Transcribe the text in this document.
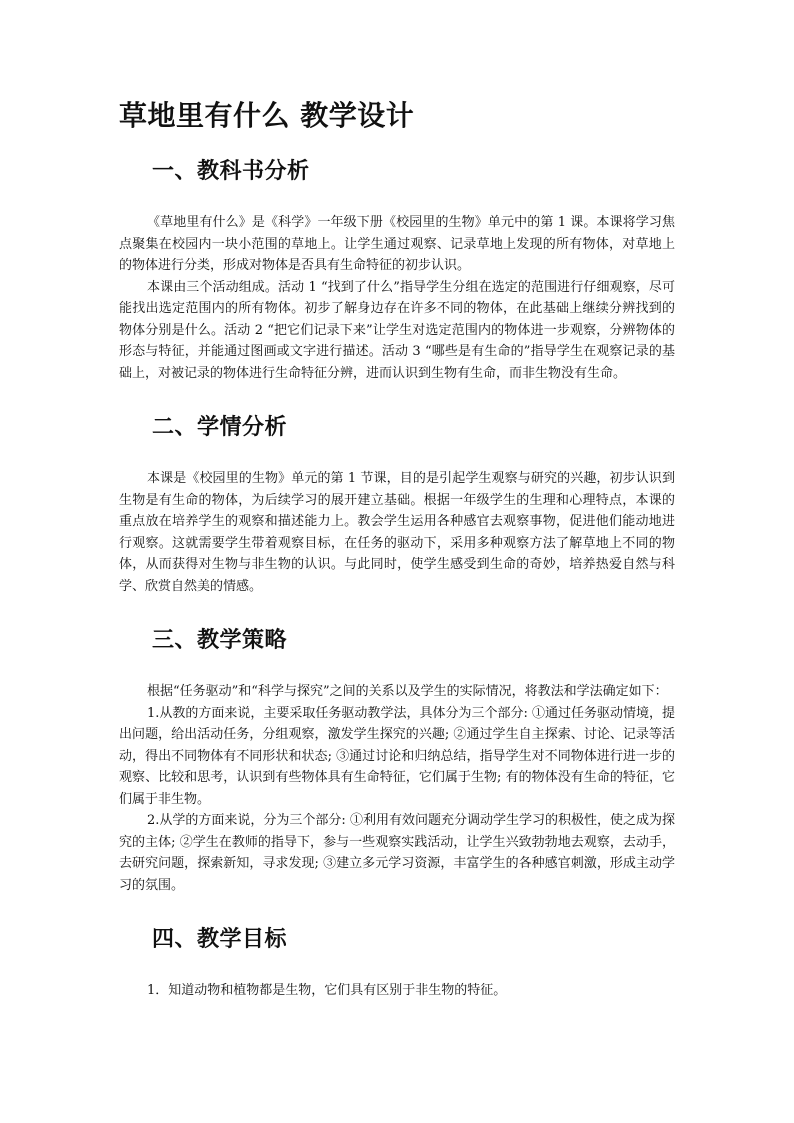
草地里有什么 教学设计
一、教科书分析

《草地里有什么》是《科学》一年级下册《校园里的生物》单元中的第 1 课。本课将学习焦点聚集在校园内一块小范围的草地上。让学生通过观察、记录草地上发现的所有物体，对草地上的物体进行分类，形成对物体是否具有生命特征的初步认识。

本课由三个活动组成。活动 1 “找到了什么”指导学生分组在选定的范围进行仔细观察，尽可能找出选定范围内的所有物体。初步了解身边存在许多不同的物体，在此基础上继续分辨找到的物体分别是什么。活动 2 “把它们记录下来”让学生对选定范围内的物体进一步观察，分辨物体的形态与特征，并能通过图画或文字进行描述。活动 3 “哪些是有生命的”指导学生在观察记录的基础上，对被记录的物体进行生命特征分辨，进而认识到生物有生命，而非生物没有生命。

二、学情分析

本课是《校园里的生物》单元的第 1 节课，目的是引起学生观察与研究的兴趣，初步认识到生物是有生命的物体，为后续学习的展开建立基础。根据一年级学生的生理和心理特点，本课的重点放在培养学生的观察和描述能力上。教会学生运用各种感官去观察事物，促进他们能动地进行观察。这就需要学生带着观察目标，在任务的驱动下，采用多种观察方法了解草地上不同的物体，从而获得对生物与非生物的认识。与此同时，使学生感受到生命的奇妙，培养热爱自然与科学、欣赏自然美的情感。

三、教学策略

根据“任务驱动”和“科学与探究”之间的关系以及学生的实际情况，将教法和学法确定如下：

1.从教的方面来说，主要采取任务驱动教学法，具体分为三个部分: ①通过任务驱动情境，提出问题，给出活动任务，分组观察，激发学生探究的兴趣; ②通过学生自主探索、讨论、记录等活动，得出不同物体有不同形状和状态; ③通过讨论和归纳总结，指导学生对不同物体进行进一步的观察、比较和思考，认识到有些物体具有生命特征，它们属于生物; 有的物体没有生命的特征，它们属于非生物。

2.从学的方面来说，分为三个部分: ①利用有效问题充分调动学生学习的积极性，使之成为探究的主体; ②学生在教师的指导下，参与一些观察实践活动，让学生兴致勃勃地去观察，去动手，去研究问题，探索新知，寻求发现; ③建立多元学习资源，丰富学生的各种感官刺激，形成主动学习的氛围。

四、教学目标

1．知道动物和植物都是生物，它们具有区别于非生物的特征。
